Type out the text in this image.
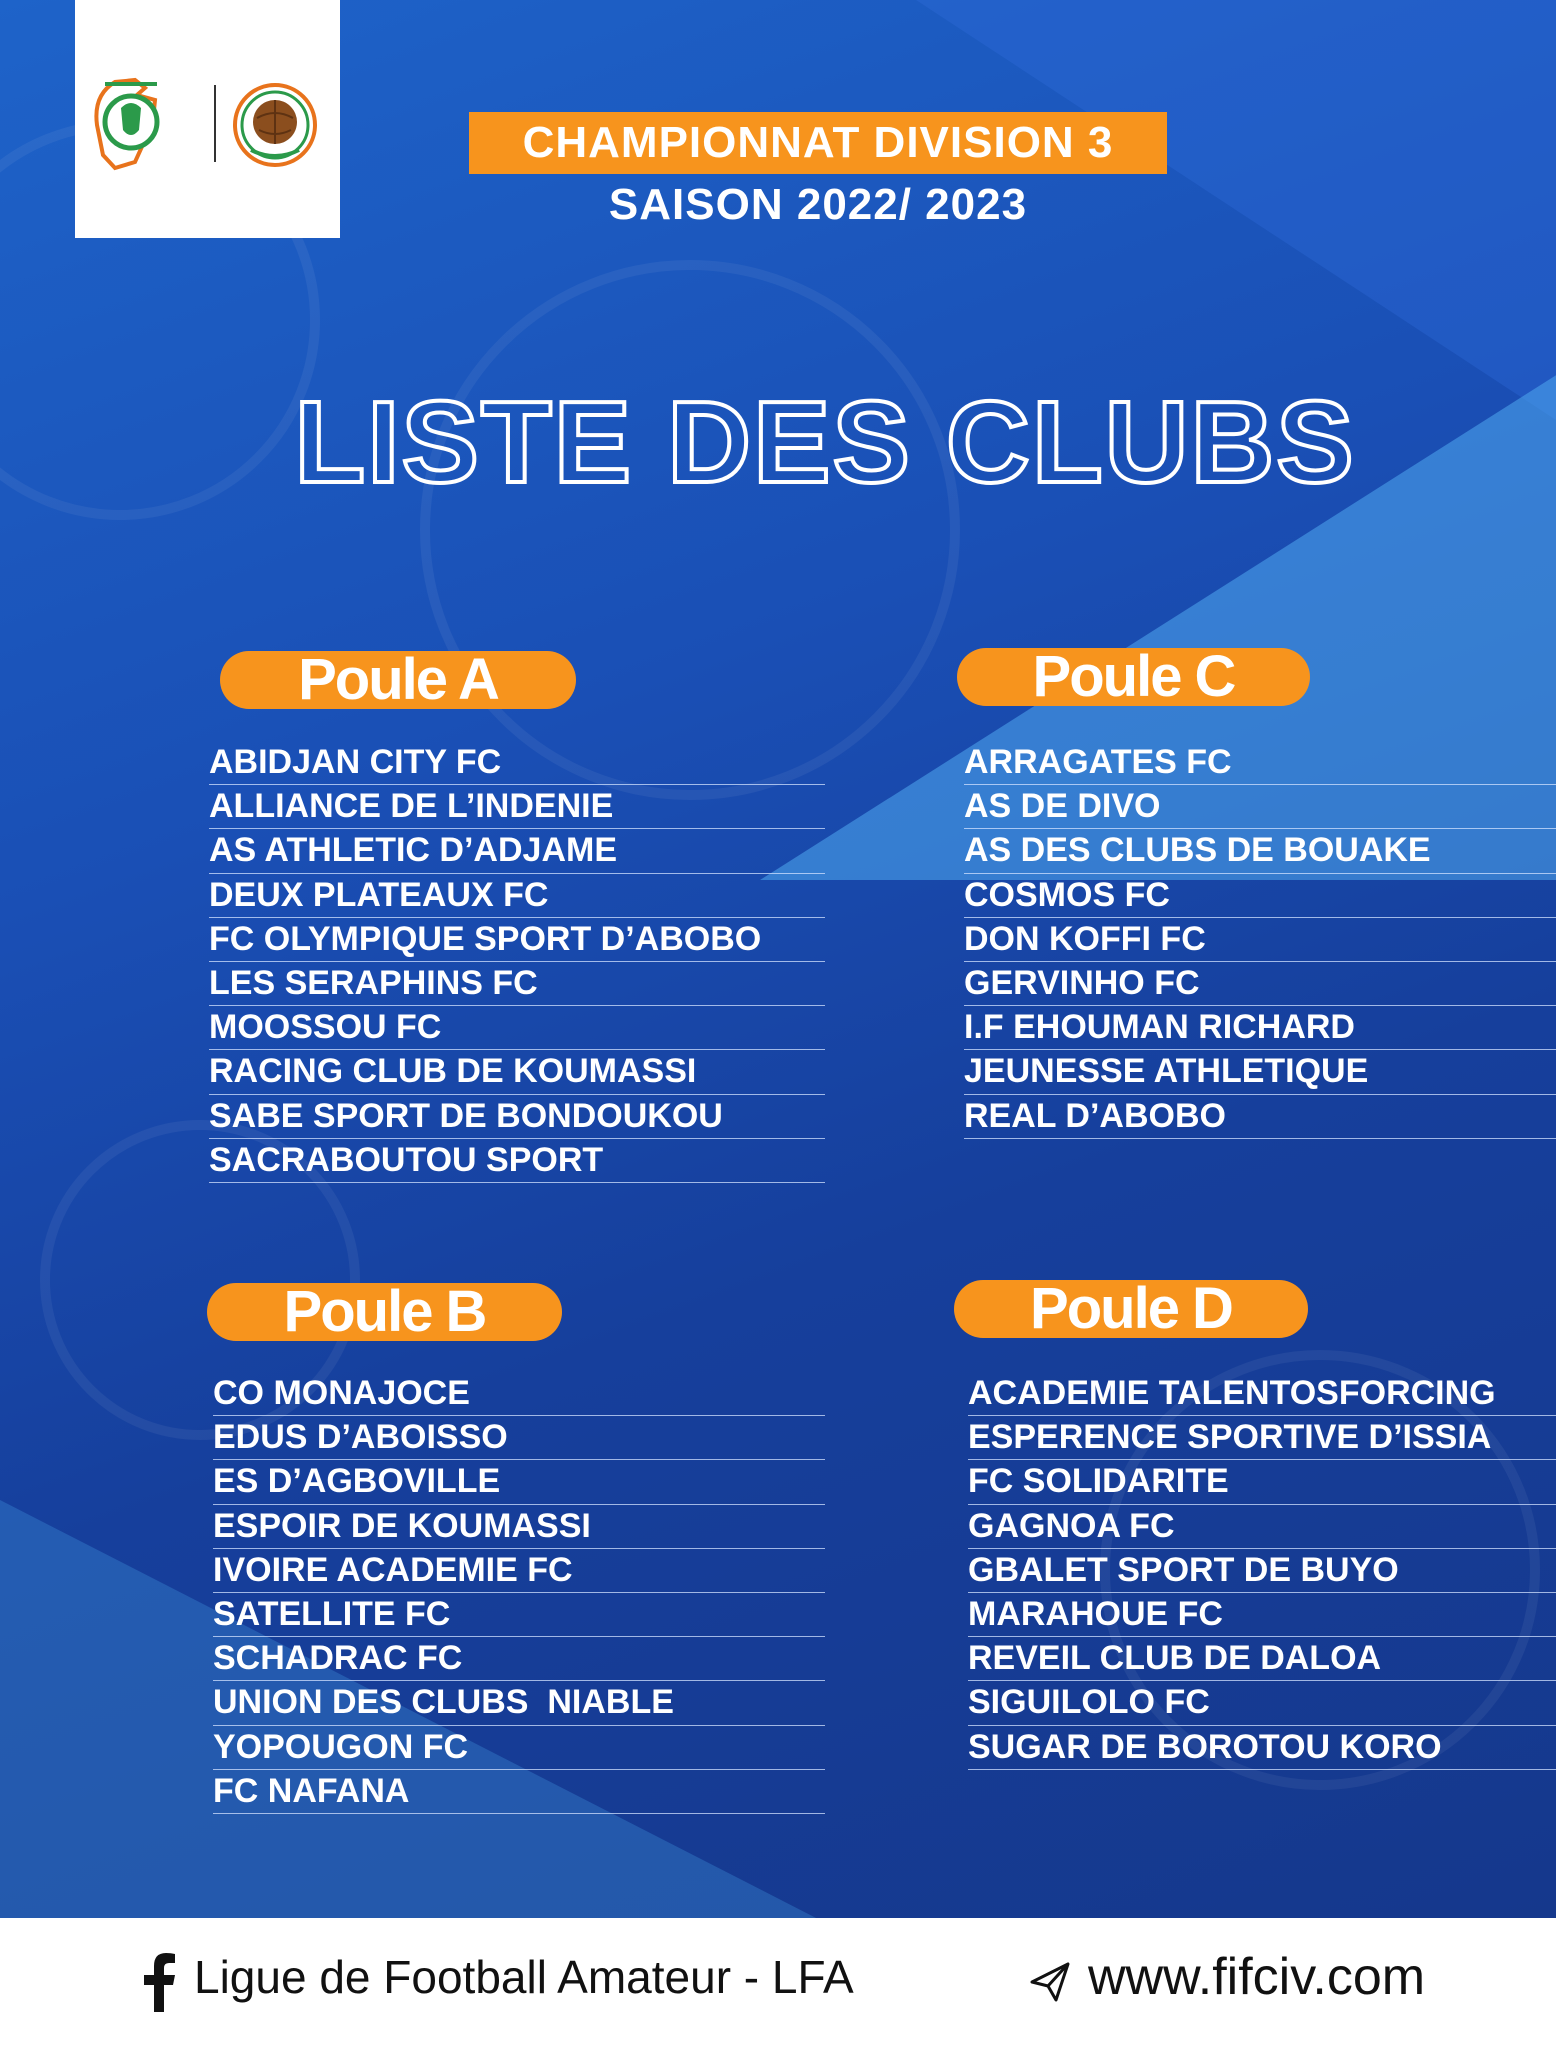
CHAMPIONNAT DIVISION 3
SAISON 2022/ 2023
LISTE DES CLUBS
Poule A
ABIDJAN CITY FC
ALLIANCE DE L’INDENIE
AS ATHLETIC D’ADJAME
DEUX PLATEAUX FC
FC OLYMPIQUE SPORT D’ABOBO
LES SERAPHINS FC
MOOSSOU FC
RACING CLUB DE KOUMASSI
SABE SPORT DE BONDOUKOU
SACRABOUTOU SPORT
Poule C
ARRAGATES FC
AS DE DIVO
AS DES CLUBS DE BOUAKE
COSMOS FC
DON KOFFI FC
GERVINHO FC
I.F EHOUMAN RICHARD
JEUNESSE ATHLETIQUE
REAL D’ABOBO
Poule B
CO MONAJOCE
EDUS D’ABOISSO
ES D’AGBOVILLE
ESPOIR DE KOUMASSI
IVOIRE ACADEMIE FC
SATELLITE FC
SCHADRAC FC
UNION DES CLUBS  NIABLE
YOPOUGON FC
FC NAFANA
Poule D
ACADEMIE TALENTOSFORCING
ESPERENCE SPORTIVE D’ISSIA
FC SOLIDARITE
GAGNOA FC
GBALET SPORT DE BUYO
MARAHOUE FC
REVEIL CLUB DE DALOA
SIGUILOLO FC
SUGAR DE BOROTOU KORO
Ligue de Football Amateur - LFA	www.fifciv.com
